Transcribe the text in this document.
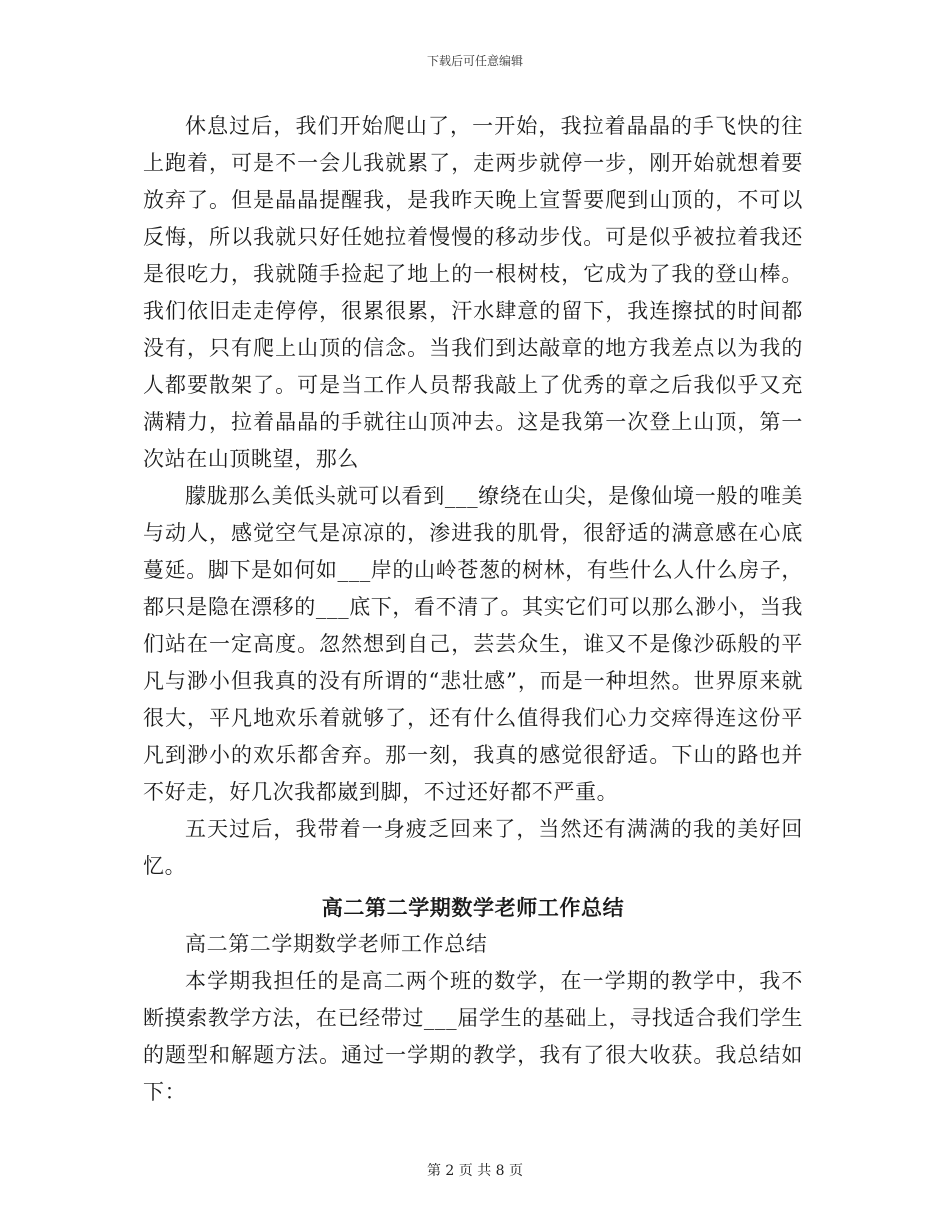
下载后可任意编辑

休息过后，我们开始爬山了，一开始，我拉着晶晶的手飞快的往上跑着，可是不一会儿我就累了，走两步就停一步，刚开始就想着要放弃了。但是晶晶提醒我，是我昨天晚上宣誓要爬到山顶的，不可以反悔，所以我就只好任她拉着慢慢的移动步伐。可是似乎被拉着我还是很吃力，我就随手捡起了地上的一根树枝，它成为了我的登山棒。我们依旧走走停停，很累很累，汗水肆意的留下，我连擦拭的时间都没有，只有爬上山顶的信念。当我们到达敲章的地方我差点以为我的人都要散架了。可是当工作人员帮我敲上了优秀的章之后我似乎又充满精力，拉着晶晶的手就往山顶冲去。这是我第一次登上山顶，第一次站在山顶眺望，那么

朦胧那么美低头就可以看到___缭绕在山尖，是像仙境一般的唯美与动人，感觉空气是凉凉的，渗进我的肌骨，很舒适的满意感在心底蔓延。脚下是如何如___岸的山岭苍葱的树林，有些什么人什么房子，都只是隐在漂移的___底下，看不清了。其实它们可以那么渺小，当我们站在一定高度。忽然想到自己，芸芸众生，谁又不是像沙砾般的平凡与渺小但我真的没有所谓的“悲壮感”，而是一种坦然。世界原来就很大，平凡地欢乐着就够了，还有什么值得我们心力交瘁得连这份平凡到渺小的欢乐都舍弃。那一刻，我真的感觉很舒适。下山的路也并不好走，好几次我都崴到脚，不过还好都不严重。

五天过后，我带着一身疲乏回来了，当然还有满满的我的美好回忆。

高二第二学期数学老师工作总结

高二第二学期数学老师工作总结

本学期我担任的是高二两个班的数学，在一学期的教学中，我不断摸索教学方法，在已经带过___届学生的基础上，寻找适合我们学生的题型和解题方法。通过一学期的教学，我有了很大收获。我总结如下：

第 2 页 共 8 页
